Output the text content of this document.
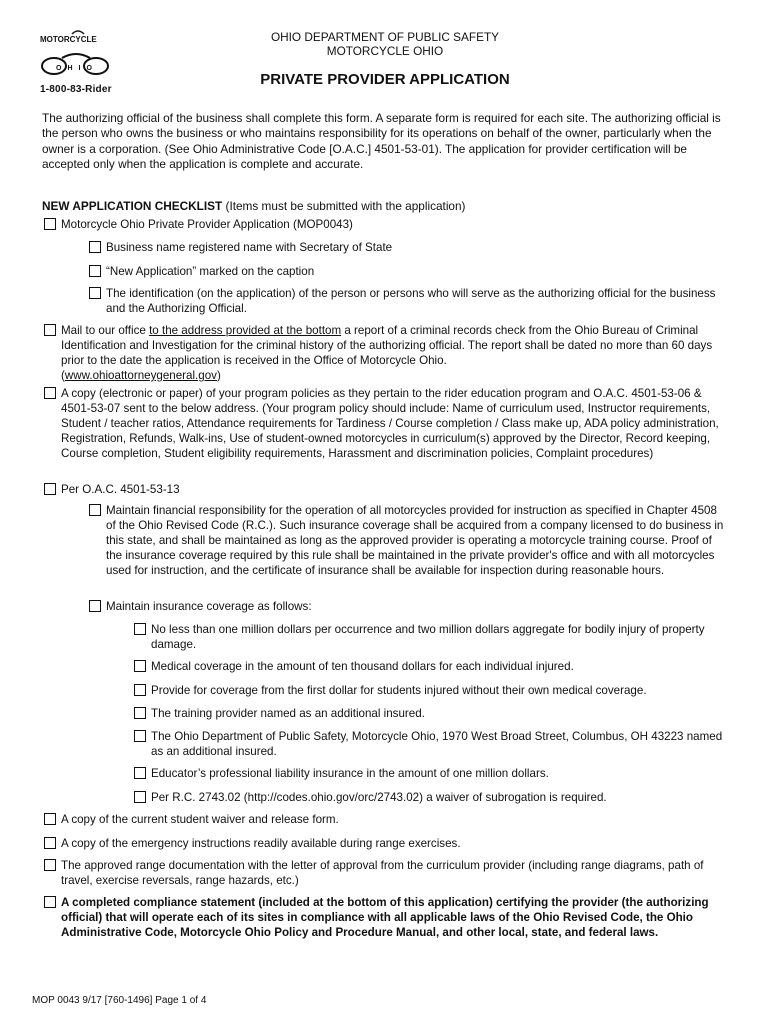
MOTORCYCLE
OHIO
1-800-83-Rider
OHIO DEPARTMENT OF PUBLIC SAFETY
MOTORCYCLE OHIO
PRIVATE PROVIDER APPLICATION
The authorizing official of the business shall complete this form. A separate form is required for each site. The authorizing official is the person who owns the business or who maintains responsibility for its operations on behalf of the owner, particularly when the owner is a corporation. (See Ohio Administrative Code [O.A.C.] 4501-53-01). The application for provider certification will be accepted only when the application is complete and accurate.
NEW APPLICATION CHECKLIST (Items must be submitted with the application)
Motorcycle Ohio Private Provider Application (MOP0043)
Business name registered name with Secretary of State
“New Application” marked on the caption
The identification (on the application) of the person or persons who will serve as the authorizing official for the business and the Authorizing Official.
Mail to our office to the address provided at the bottom a report of a criminal records check from the Ohio Bureau of Criminal Identification and Investigation for the criminal history of the authorizing official. The report shall be dated no more than 60 days prior to the date the application is received in the Office of Motorcycle Ohio.
(www.ohioattorneygeneral.gov)
A copy (electronic or paper) of your program policies as they pertain to the rider education program and O.A.C. 4501-53-06 & 4501-53-07 sent to the below address. (Your program policy should include: Name of curriculum used, Instructor requirements, Student / teacher ratios, Attendance requirements for Tardiness / Course completion / Class make up, ADA policy administration, Registration, Refunds, Walk-ins, Use of student-owned motorcycles in curriculum(s) approved by the Director, Record keeping, Course completion, Student eligibility requirements, Harassment and discrimination policies, Complaint procedures)
Per O.A.C. 4501-53-13
Maintain financial responsibility for the operation of all motorcycles provided for instruction as specified in Chapter 4508 of the Ohio Revised Code (R.C.). Such insurance coverage shall be acquired from a company licensed to do business in this state, and shall be maintained as long as the approved provider is operating a motorcycle training course. Proof of the insurance coverage required by this rule shall be maintained in the private provider's office and with all motorcycles used for instruction, and the certificate of insurance shall be available for inspection during reasonable hours.
Maintain insurance coverage as follows:
No less than one million dollars per occurrence and two million dollars aggregate for bodily injury of property damage.
Medical coverage in the amount of ten thousand dollars for each individual injured.
Provide for coverage from the first dollar for students injured without their own medical coverage.
The training provider named as an additional insured.
The Ohio Department of Public Safety, Motorcycle Ohio, 1970 West Broad Street, Columbus, OH 43223 named as an additional insured.
Educator’s professional liability insurance in the amount of one million dollars.
Per R.C. 2743.02 (http://codes.ohio.gov/orc/2743.02) a waiver of subrogation is required.
A copy of the current student waiver and release form.
A copy of the emergency instructions readily available during range exercises.
The approved range documentation with the letter of approval from the curriculum provider (including range diagrams, path of travel, exercise reversals, range hazards, etc.)
A completed compliance statement (included at the bottom of this application) certifying the provider (the authorizing official) that will operate each of its sites in compliance with all applicable laws of the Ohio Revised Code, the Ohio Administrative Code, Motorcycle Ohio Policy and Procedure Manual, and other local, state, and federal laws.
MOP 0043 9/17 [760-1496] Page 1 of 4
